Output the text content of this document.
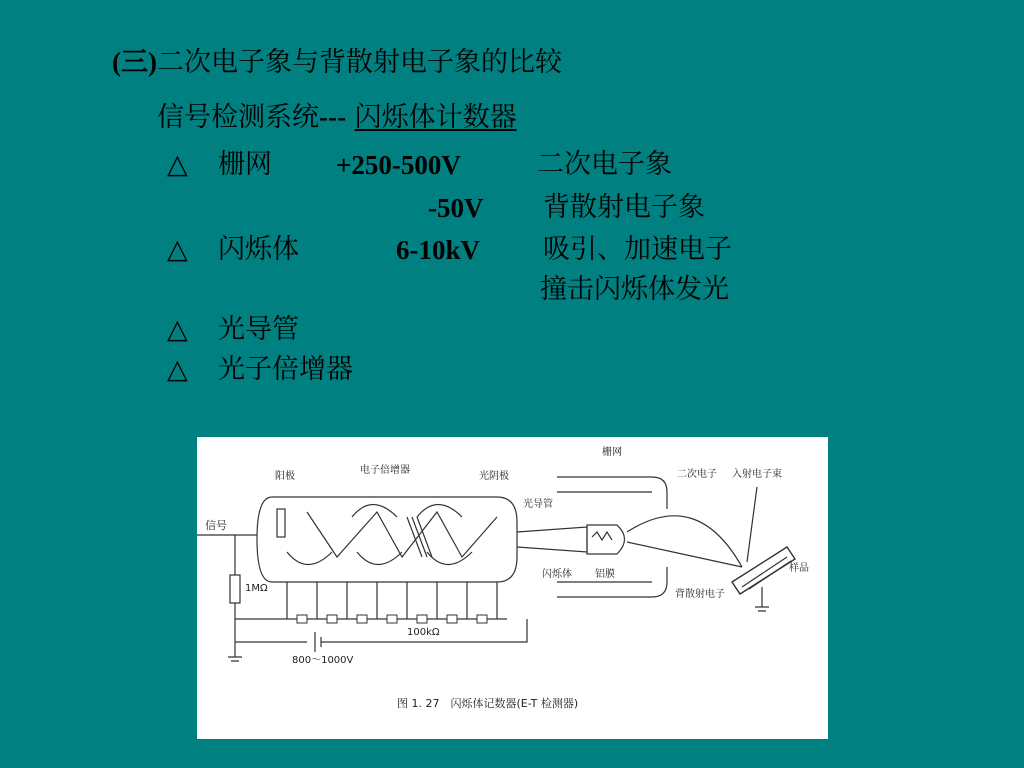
(三)二次电子象与背散射电子象的比较
信号检测系统--- 闪烁体计数器
△ 栅网 +250-500V	二次电子象
-50V 背散射电子象
△ 闪烁体	6-10kV 吸引、加速电子
撞击闪烁体发光
△ 光导管
△ 光子倍增器
阳极
电子倍增器
光阴极
栅网
二次电子 入射电子束
光导管
信号
样品
1MΩ
闪烁体 铝膜
背散射电子
100kΩ
800～1000V
图 1. 27　闪烁体记数器(E-T 检测器)
